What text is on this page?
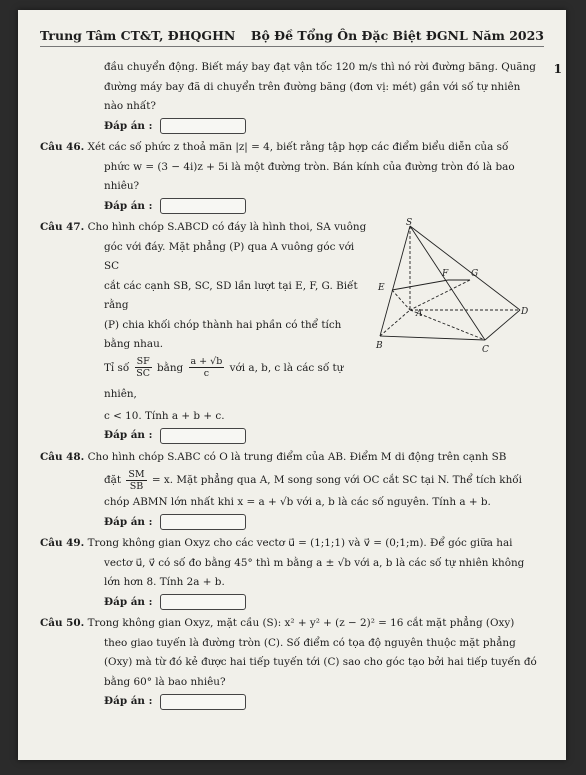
Trung Tâm CT&T, ĐHQGHN Bộ Đề Tổng Ôn Đặc Biệt ĐGNL Năm 2023
1

đầu chuyển động. Biết máy bay đạt vận tốc 120 m/s thì nó rời đường băng. Quãng

đường máy bay đã di chuyển trên đường băng (đơn vị: mét) gần với số tự nhiên

nào nhất?

Đáp án :

Câu 46. Xét các số phức z thoả mãn |z| = 4, biết rằng tập hợp các điểm biểu diễn của số

phức w = (3 − 4i)z + 5i là một đường tròn. Bán kính của đường tròn đó là bao nhiêu?

Đáp án :

Câu 47. Cho hình chóp S.ABCD có đáy là hình thoi, SA vuông

góc với đáy. Mặt phẳng (P) qua A vuông góc với SC

cắt các cạnh SB, SC, SD lần lượt tại E, F, G. Biết rằng

(P) chia khối chóp thành hai phần có thể tích bằng nhau.

Tỉ số $\frac{SF}{SC}$ bằng $\frac{a + √b}{c}$ với a, b, c là các số tự nhiên,

c < 10. Tính a + b + c.

Đáp án :
S
E
F	G
A
B	C
D

Câu 48. Cho hình chóp S.ABC có O là trung điểm của AB. Điểm M di động trên cạnh SB

đặt $\frac{SM}{SB} = x$. Mặt phẳng qua A, M song song với OC cắt SC tại N. Thể tích khối

chóp ABMN lớn nhất khi x = a + √b với a, b là các số nguyên. Tính a + b.

Đáp án :

Câu 49. Trong không gian Oxyz cho các vectơ u⃗ = (1;1;1) và v⃗ = (0;1;m). Để góc giữa hai

vectơ u⃗, v⃗ có số đo bằng 45° thì m bằng a ± √b với a, b là các số tự nhiên không

lớn hơn 8. Tính 2a + b.

Đáp án :

Câu 50. Trong không gian Oxyz, mặt cầu (S): x² + y² + (z − 2)² = 16 cắt mặt phẳng (Oxy)

theo giao tuyến là đường tròn (C). Số điểm có tọa độ nguyên thuộc mặt phẳng

(Oxy) mà từ đó kẻ được hai tiếp tuyến tới (C) sao cho góc tạo bởi hai tiếp tuyến đó

bằng 60° là bao nhiêu?

Đáp án :
